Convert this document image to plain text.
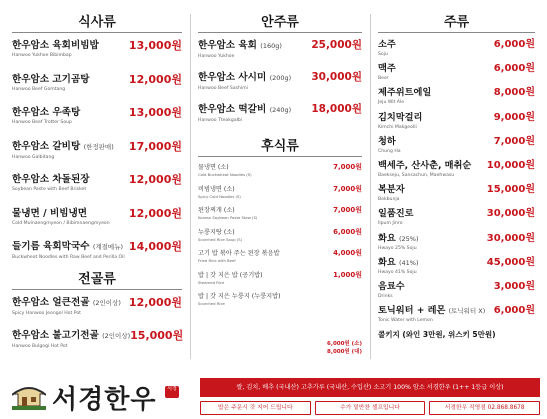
식사류
한우암소 육회비빔밥
Hanwoo Yukhoe Bibimbap
13,000원
한우암소 고기곰탕
Hanwoo Beef Gomtang
12,000원
한우암소 우족탕
Hanwoo Beef Trotter Soup
13,000원
한우암소 갈비탕 (한정판매)
Hanwoo Galbitang
17,000원
한우암소 차돌된장
Soybean Paste with Beef Brisket
12,000원
물냉면 / 비빔냉면
Cold Mulnaengmyeon / Bibimnaengmyeon
12,000원
들기름 육회막국수 (계절메뉴)
Buckwheat Noodles with Raw Beef and Perilla Oil
14,000원
전골류
한우암소 얼큰전골 (2인이상)
Spicy Hanwoo Jeongol Hot Pot
12,000원
한우암소 불고기전골 (2인이상)
Hanwoo Bulgogi Hot Pot
15,000원
안주류
한우암소 육회 (160g)
Hanwoo Yukhoe
25,000원
한우암소 사시미 (200g)
Hanwoo Beef Sashimi
30,000원
한우암소 떡갈비 (240g)
Hanwoo Tteokgalbi
18,000원
후식류
물냉면 (소)
Cold Buckwheat Noodles (S)
7,000원
비빔냉면 (소)
Spicy Cold Noodles (S)
7,000원
된장찌개 (소)
Korean Soybean Paste Stew (S)
7,000원
누룽지탕 (소)
Scorched Rice Soup (S)
6,000원
고기 밥 볶아 주는 된장 볶음밥
Fried Rice with Beef
4,000원
밥 | 갓 지은 밥 (공기밥)
Steamed Rice
1,000원
밥 | 갓 지은 누룽지 (누룽지밥)
Scorched Rice
6,000원 (소)
8,000원 (대)
주류
소주
Soju
6,000원
맥주
Beer
6,000원
제주위트에일
Jeju Wit Ale
8,000원
김치막걸리
Kimchi Makgeolli
9,000원
청하
Chung Ha
7,000원
백세주, 산사춘, 매취순
Baekseju, Sansachun, Maehwasu
10,000원
복분자
Bokbunja
15,000원
일품진로
Ilpum Jinro
30,000원
화요 (25%)
Hwayo 25% Soju
30,000원
화요 (41%)
Hwayo 41% Soju
45,000원
음료수
Drinks
3,000원
토닉워터 + 레몬 (토닉워터 X)
Tonic Water with Lemon
6,000원
콜키지 (와인 3만원, 위스키 5만원)
서경한우	서경	쌀, 김치, 배추 (국내산) 고추가루 (국내산, 수입산) 소고기 100% 암소 서경한우 (1++ 1등급 이상)
밥은 주문시 갓 지어 드립니다	수가 밑반찬 셀프입니다	서경한우 직영점 02.868.8678
